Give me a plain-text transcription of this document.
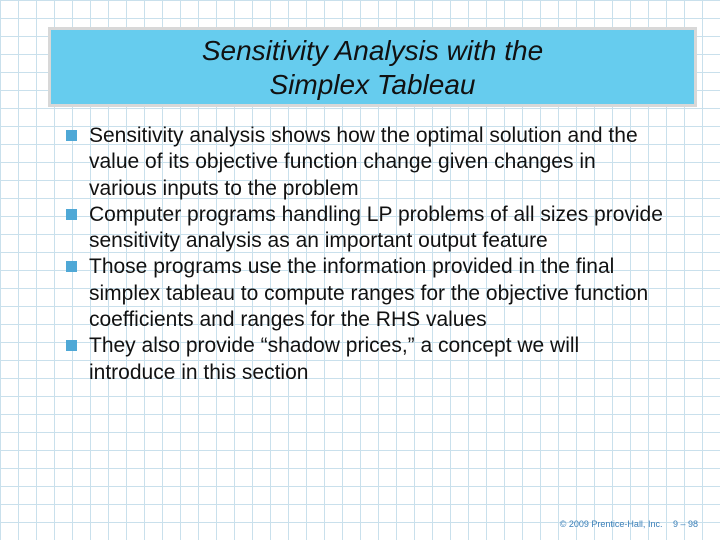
Sensitivity Analysis with the
Simplex Tableau
Sensitivity analysis shows how the optimal solution and the value of its objective function change given changes in various inputs to the problem
Computer programs handling LP problems of all sizes provide sensitivity analysis as an important output feature
Those programs use the information provided in the final simplex tableau to compute ranges for the objective function coefficients and ranges for the RHS values
They also provide “shadow prices,” a concept we will introduce in this section
© 2009 Prentice-Hall, Inc. 9 – 98
